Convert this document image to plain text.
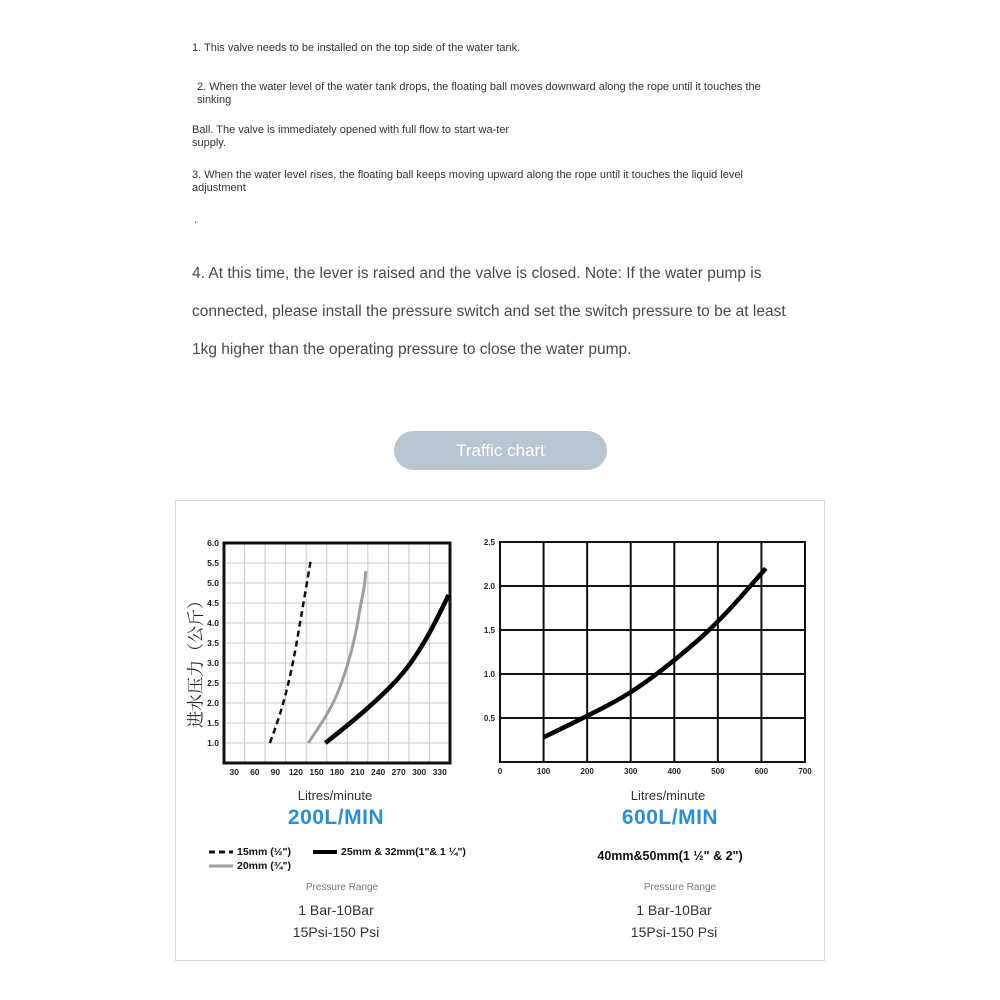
1. This valve needs to be installed on the top side of the water tank.

2. When the water level of the water tank drops, the floating ball moves downward along the rope until it touches the sinking

Ball. The valve is immediately opened with full flow to start wa-ter supply.

3. When the water level rises, the floating ball keeps moving upward along the rope until it touches the liquid level adjustment

.

4. At this time, the lever is raised and the valve is closed. Note: If the water pump is connected, please install the pressure switch and set the switch pressure to be at least 1kg higher than the operating pressure to close the water pump.

Traffic chart
进水压力（公斤）
1.0
1.5
2.0
2.5
3.0
3.5
4.0
4.5
5.0
5.5
6.0
30 60 90 120 150 180 210 240 270 300 330
0.5
1.0
1.5
2.0
2.5
0	100	200	300	400	500	600	700
Litres/minute
200L/MIN
Litres/minute
600L/MIN
15mm (½")
20mm (¾")
25mm & 32mm(1"& 1 ¼")	40mm&50mm(1 ½" & 2")
Pressure Range
1 Bar-10Bar
15Psi-150 Psi
Pressure Range
1 Bar-10Bar
15Psi-150 Psi
